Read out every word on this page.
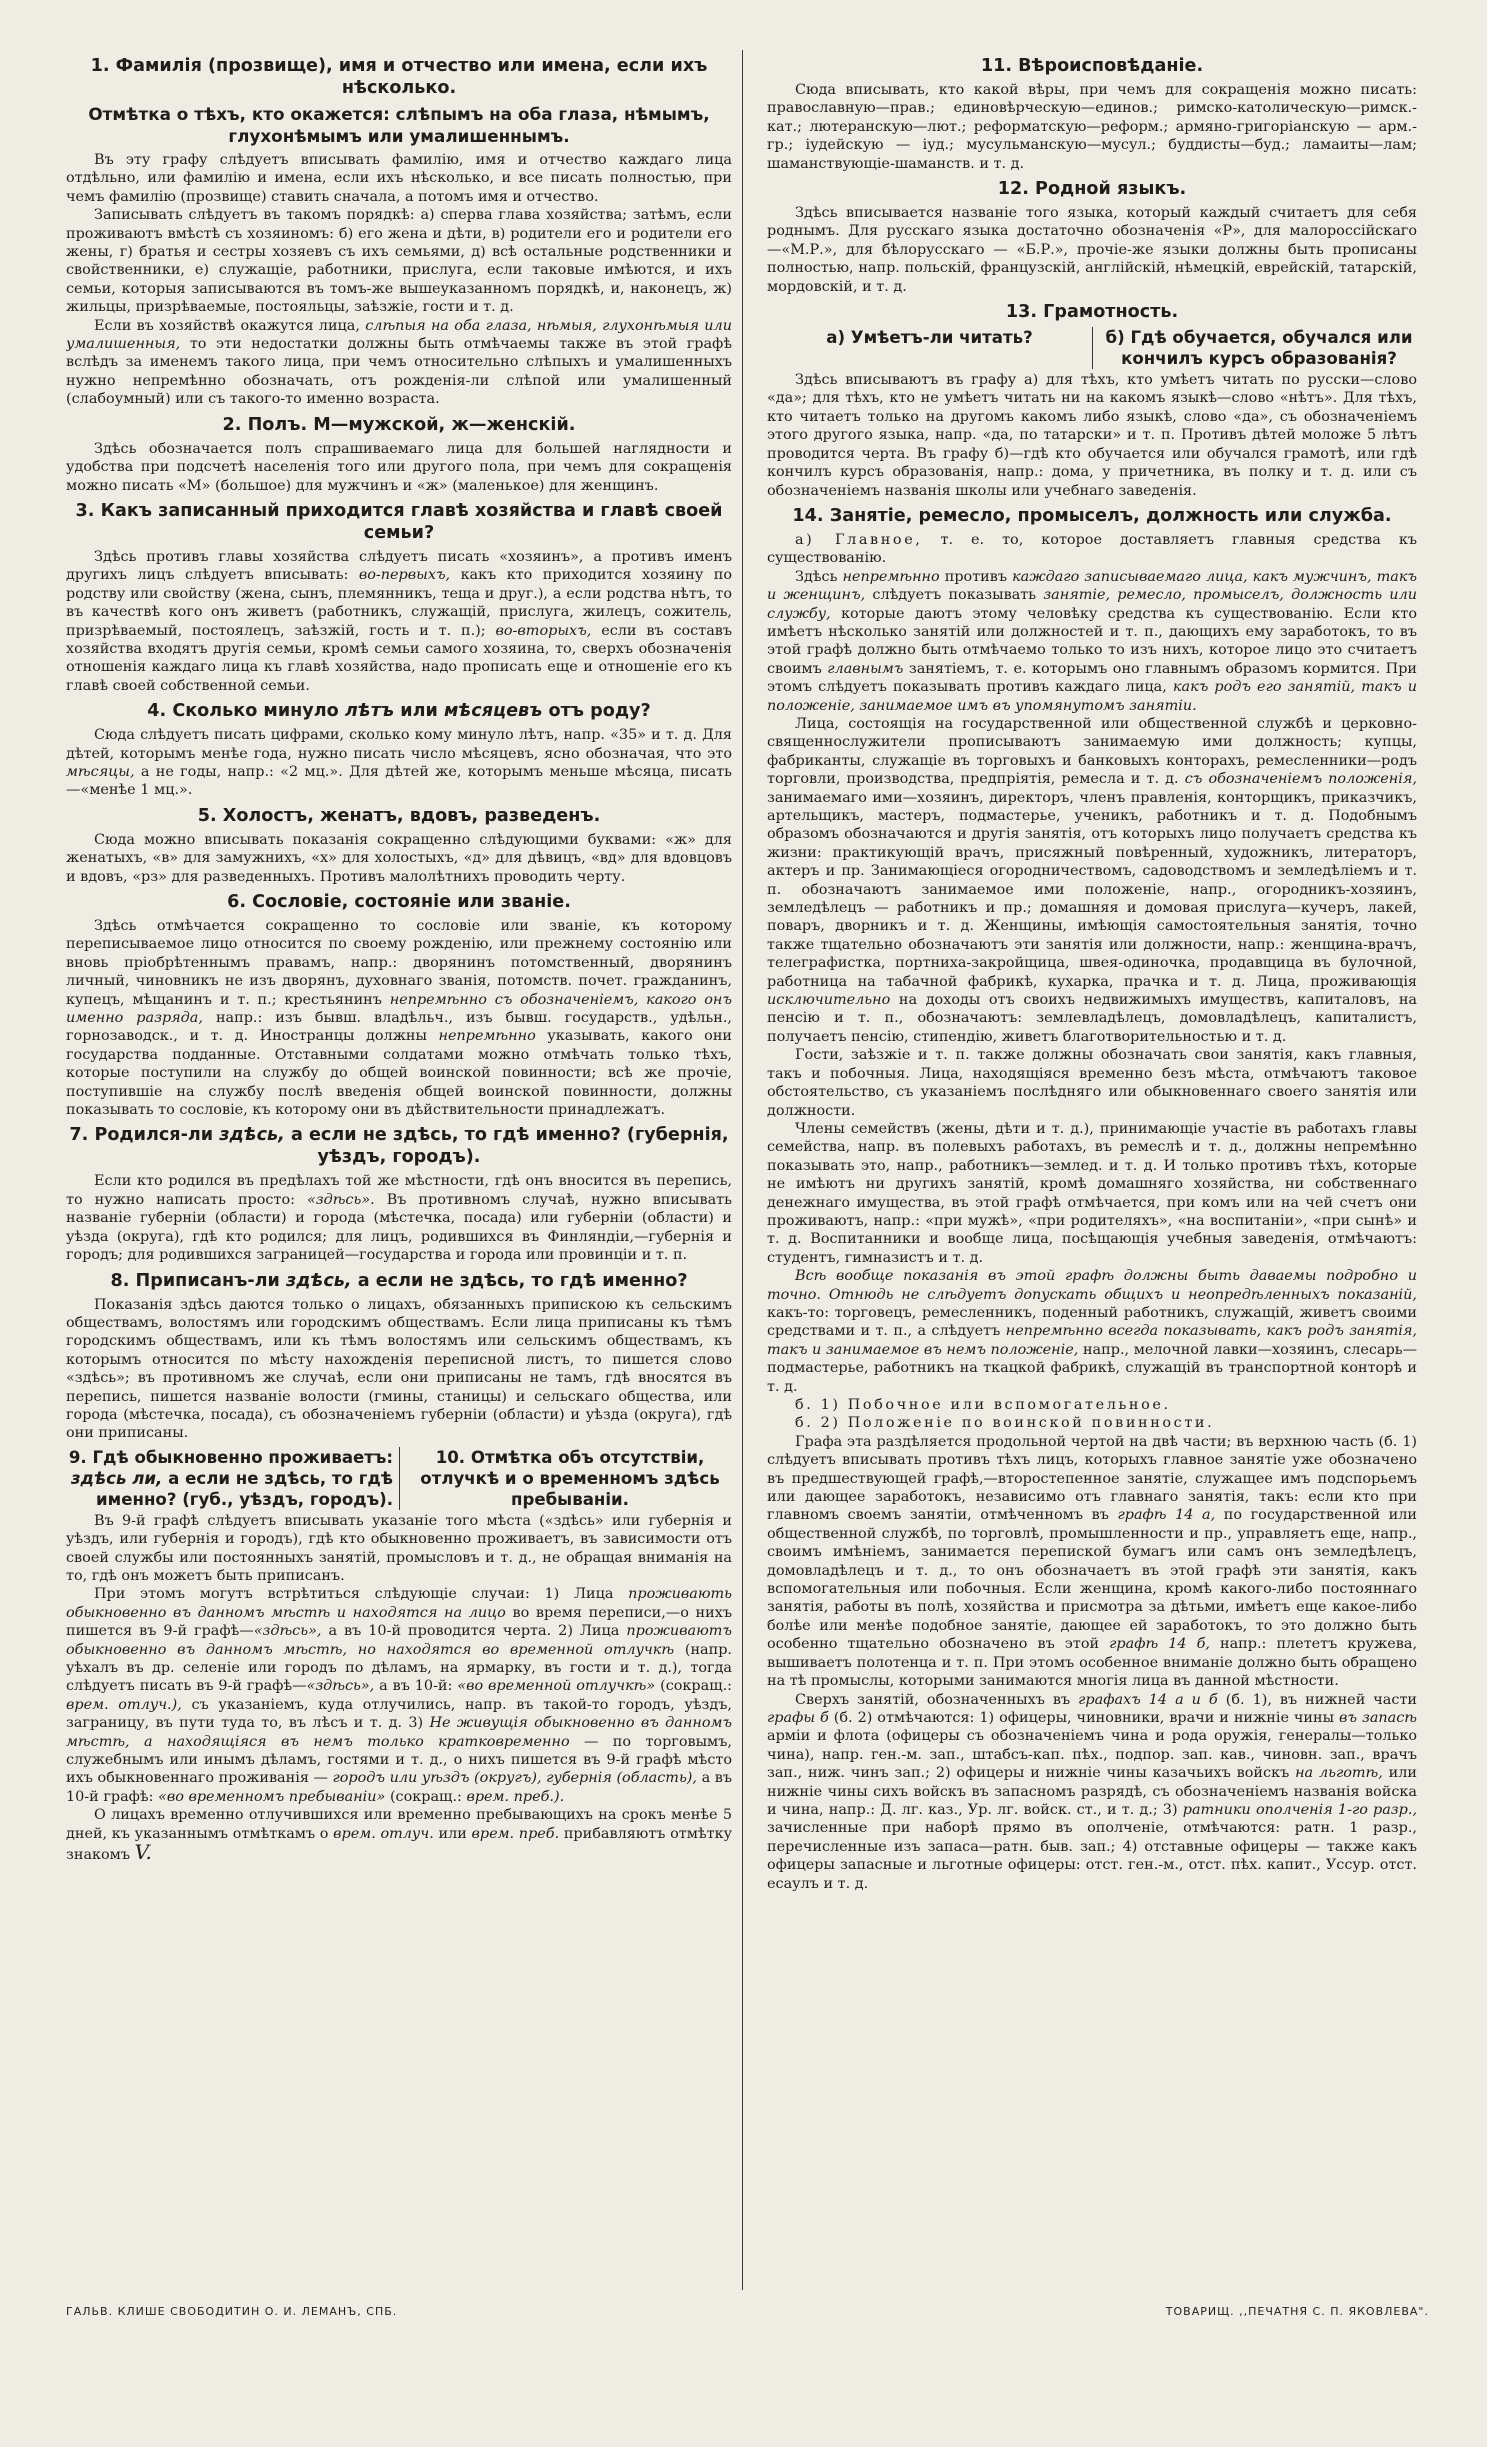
1. Фамилія (прозвище), имя и отчество или имена, если ихъ нѣсколько.
Отмѣтка о тѣхъ, кто окажется: слѣпымъ на оба глаза, нѣмымъ, глухонѣмымъ или умалишеннымъ.

Въ эту графу слѣдуетъ вписывать фамилію, имя и отчество каждаго лица отдѣльно, или фамилію и имена, если ихъ нѣсколько, и все писать полностью, при чемъ фамилію (прозвище) ставить сначала, а потомъ имя и отчество.

Записывать слѣдуетъ въ такомъ порядкѣ: а) сперва глава хозяйства; затѣмъ, если проживаютъ вмѣстѣ съ хозяиномъ: б) его жена и дѣти, в) родители его и родители его жены, г) братья и сестры хозяевъ съ ихъ семьями, д) всѣ остальные родственники и свойственники, е) служащіе, работники, прислуга, если таковые имѣются, и ихъ семьи, которыя записываются въ томъ-же вышеуказанномъ порядкѣ, и, наконецъ, ж) жильцы, призрѣваемые, постояльцы, заѣзжіе, гости и т. д.

Если въ хозяйствѣ окажутся лица, слѣпыя на оба глаза, нѣмыя, глухонѣмыя или умалишенныя, то эти недостатки должны быть отмѣчаемы также въ этой графѣ вслѣдъ за именемъ такого лица, при чемъ относительно слѣпыхъ и умалишенныхъ нужно непремѣнно обозначать, отъ рожденія-ли слѣпой или умалишенный (слабоумный) или съ такого-то именно возраста.

2. Полъ. М—мужской, ж—женскій.

Здѣсь обозначается полъ спрашиваемаго лица для большей наглядности и удобства при подсчетѣ населенія того или другого пола, при чемъ для сокращенія можно писать «М» (большое) для мужчинъ и «ж» (маленькое) для женщинъ.

3. Какъ записанный приходится главѣ хозяйства и главѣ своей семьи?

Здѣсь противъ главы хозяйства слѣдуетъ писать «хозяинъ», а противъ именъ другихъ лицъ слѣдуетъ вписывать: во-первыхъ, какъ кто приходится хозяину по родству или свойству (жена, сынъ, племянникъ, теща и друг.), а если родства нѣтъ, то въ качествѣ кого онъ живетъ (работникъ, служащій, прислуга, жилецъ, сожитель, призрѣваемый, постоялецъ, заѣзжій, гость и т. п.); во-вторыхъ, если въ составъ хозяйства входятъ другія семьи, кромѣ семьи самого хозяина, то, сверхъ обозначенія отношенія каждаго лица къ главѣ хозяйства, надо прописать еще и отношеніе его къ главѣ своей собственной семьи.

4. Сколько минуло лѣтъ или мѣсяцевъ отъ роду?

Сюда слѣдуетъ писать цифрами, сколько кому минуло лѣтъ, напр. «35» и т. д. Для дѣтей, которымъ менѣе года, нужно писать число мѣсяцевъ, ясно обозначая, что это мѣсяцы, а не годы, напр.: «2 мц.». Для дѣтей же, которымъ меньше мѣсяца, писать—«менѣе 1 мц.».

5. Холостъ, женатъ, вдовъ, разведенъ.

Сюда можно вписывать показанія сокращенно слѣдующими буквами: «ж» для женатыхъ, «в» для замужнихъ, «х» для холостыхъ, «д» для дѣвицъ, «вд» для вдовцовъ и вдовъ, «рз» для разведенныхъ. Противъ малолѣтнихъ проводить черту.

6. Сословіе, состояніе или званіе.

Здѣсь отмѣчается сокращенно то сословіе или званіе, къ которому переписываемое лицо относится по своему рожденію, или прежнему состоянію или вновь пріобрѣтеннымъ правамъ, напр.: дворянинъ потомственный, дворянинъ личный, чиновникъ не изъ дворянъ, духовнаго званія, потомств. почет. гражданинъ, купецъ, мѣщанинъ и т. п.; крестьянинъ непремѣнно съ обозначеніемъ, какого онъ именно разряда, напр.: изъ бывш. владѣльч., изъ бывш. государств., удѣльн., горнозаводск., и т. д. Иностранцы должны непремѣнно указывать, какого они государства подданные. Отставными солдатами можно отмѣчать только тѣхъ, которые поступили на службу до общей воинской повинности; всѣ же прочіе, поступившіе на службу послѣ введенія общей воинской повинности, должны показывать то сословіе, къ которому они въ дѣйствительности принадлежатъ.

7. Родился-ли здѣсь, а если не здѣсь, то гдѣ именно? (губернія, уѣздъ, городъ).

Если кто родился въ предѣлахъ той же мѣстности, гдѣ онъ вносится въ перепись, то нужно написать просто: «здѣсь». Въ противномъ случаѣ, нужно вписывать названіе губерніи (области) и города (мѣстечка, посада) или губерніи (области) и уѣзда (округа), гдѣ кто родился; для лицъ, родившихся въ Финляндіи,—губернія и городъ; для родившихся заграницей—государства и города или провинціи и т. п.

8. Приписанъ-ли здѣсь, а если не здѣсь, то гдѣ именно?

Показанія здѣсь даются только о лицахъ, обязанныхъ припискою къ сельскимъ обществамъ, волостямъ или городскимъ обществамъ. Если лица приписаны къ тѣмъ городскимъ обществамъ, или къ тѣмъ волостямъ или сельскимъ обществамъ, къ которымъ относится по мѣсту нахожденія переписной листъ, то пишется слово «здѣсь»; въ противномъ же случаѣ, если они приписаны не тамъ, гдѣ вносятся въ перепись, пишется названіе волости (гмины, станицы) и сельскаго общества, или города (мѣстечка, посада), съ обозначеніемъ губерніи (области) и уѣзда (округа), гдѣ они приписаны.

9. Гдѣ обыкновенно проживаетъ: здѣсь ли, а если не здѣсь, то гдѣ именно? (губ., уѣздъ, городъ).
10. Отмѣтка объ отсутствіи, отлучкѣ и о временномъ здѣсь пребываніи.

Въ 9-й графѣ слѣдуетъ вписывать указаніе того мѣста («здѣсь» или губернія и уѣздъ, или губернія и городъ), гдѣ кто обыкновенно проживаетъ, въ зависимости отъ своей службы или постоянныхъ занятій, промысловъ и т. д., не обращая вниманія на то, гдѣ онъ можетъ быть приписанъ.

При этомъ могутъ встрѣтиться слѣдующіе случаи: 1) Лица проживають обыкновенно въ данномъ мѣстѣ и находятся на лицо во время переписи,—о нихъ пишется въ 9-й графѣ—«здѣсь», а въ 10-й проводится черта. 2) Лица проживаютъ обыкновенно въ данномъ мѣстѣ, но находятся во временной отлучкѣ (напр. уѣхалъ въ др. селеніе или городъ по дѣламъ, на ярмарку, въ гости и т. д.), тогда слѣдуетъ писать въ 9-й графѣ—«здѣсь», а въ 10-й: «во временной отлучкѣ» (сокращ.: врем. отлуч.), съ указаніемъ, куда отлучились, напр. въ такой-то городъ, уѣздъ, заграницу, въ пути туда то, въ лѣсъ и т. д. 3) Не живущія обыкновенно въ данномъ мѣстѣ, а находящіяся въ немъ только кратковременно — по торговымъ, служебнымъ или инымъ дѣламъ, гостями и т. д., о нихъ пишется въ 9-й графѣ мѣсто ихъ обыкновеннаго проживанія — городъ или уѣздъ (округъ), губернія (область), а въ 10-й графѣ: «во временномъ пребываніи» (сокращ.: врем. преб.).

О лицахъ временно отлучившихся или временно пребывающихъ на срокъ менѣе 5 дней, къ указаннымъ отмѣткамъ о врем. отлуч. или врем. преб. прибавляютъ отмѣтку знакомъ V.

11. Вѣроисповѣданіе.

Сюда вписывать, кто какой вѣры, при чемъ для сокращенія можно писать: православную—прав.; единовѣрческую—единов.; римско-католическую—римск.-кат.; лютеранскую—лют.; реформатскую—реформ.; армяно-григоріанскую — арм.-гр.; іудейскую — іуд.; мусульманскую—мусул.; буддисты—буд.; ламаиты—лам; шаманствующіе-шаманств. и т. д.

12. Родной языкъ.

Здѣсь вписывается названіе того языка, который каждый считаетъ для себя роднымъ. Для русскаго языка достаточно обозначенія «Р», для малороссійскаго—«М.Р.», для бѣлорусскаго — «Б.Р.», прочіе-же языки должны быть прописаны полностью, напр. польскій, французскій, англійскій, нѣмецкій, еврейскій, татарскій, мордовскій, и т. д.

13. Грамотность.
а) Умѣетъ-ли читать?	б) Гдѣ обучается, обучался или кончилъ курсъ образованія?

Здѣсь вписываютъ въ графу а) для тѣхъ, кто умѣетъ читать по русски—слово «да»; для тѣхъ, кто не умѣетъ читать ни на какомъ языкѣ—слово «нѣтъ». Для тѣхъ, кто читаетъ только на другомъ какомъ либо языкѣ, слово «да», съ обозначеніемъ этого другого языка, напр. «да, по татарски» и т. п. Противъ дѣтей моложе 5 лѣтъ проводится черта. Въ графу б)—гдѣ кто обучается или обучался грамотѣ, или гдѣ кончилъ курсъ образованія, напр.: дома, у причетника, въ полку и т. д. или съ обозначеніемъ названія школы или учебнаго заведенія.

14. Занятіе, ремесло, промыселъ, должность или служба.

а) Главное, т. е. то, которое доставляетъ главныя средства къ существованію.

Здѣсь непремѣнно противъ каждаго записываемаго лица, какъ мужчинъ, такъ и женщинъ, слѣдуетъ показывать занятіе, ремесло, промыселъ, должность или службу, которые даютъ этому человѣку средства къ существованію. Если кто имѣетъ нѣсколько занятій или должностей и т. п., дающихъ ему заработокъ, то въ этой графѣ должно быть отмѣчаемо только то изъ нихъ, которое лицо это считаетъ своимъ главнымъ занятіемъ, т. е. которымъ оно главнымъ образомъ кормится. При этомъ слѣдуетъ показывать противъ каждаго лица, какъ родъ его занятій, такъ и положеніе, занимаемое имъ въ упомянутомъ занятіи.

Лица, состоящія на государственной или общественной службѣ и церковно-священнослужители прописываютъ занимаемую ими должность; купцы, фабриканты, служащіе въ торговыхъ и банковыхъ конторахъ, ремесленники—родъ торговли, производства, предпріятія, ремесла и т. д. съ обозначеніемъ положенія, занимаемаго ими—хозяинъ, директоръ, членъ правленія, конторщикъ, приказчикъ, артельщикъ, мастеръ, подмастерье, ученикъ, работникъ и т. д. Подобнымъ образомъ обозначаются и другія занятія, отъ которыхъ лицо получаетъ средства къ жизни: практикующій врачъ, присяжный повѣренный, художникъ, литераторъ, актеръ и пр. Занимающіеся огородничествомъ, садоводствомъ и земледѣліемъ и т. п. обозначаютъ занимаемое ими положеніе, напр., огородникъ-хозяинъ, земледѣлецъ — работникъ и пр.; домашняя и домовая прислуга—кучеръ, лакей, поваръ, дворникъ и т. д. Женщины, имѣющія самостоятельныя занятія, точно также тщательно обозначаютъ эти занятія или должности, напр.: женщина-врачъ, телеграфистка, портниха-закройщица, швея-одиночка, продавщица въ булочной, работница на табачной фабрикѣ, кухарка, прачка и т. д. Лица, проживающія исключительно на доходы отъ своихъ недвижимыхъ имуществъ, капиталовъ, на пенсію и т. п., обозначаютъ: землевладѣлецъ, домовладѣлецъ, капиталистъ, получаетъ пенсію, стипендію, живетъ благотворительностью и т. д.

Гости, заѣзжіе и т. п. также должны обозначать свои занятія, какъ главныя, такъ и побочныя. Лица, находящіяся временно безъ мѣста, отмѣчаютъ таковое обстоятельство, съ указаніемъ послѣдняго или обыкновеннаго своего занятія или должности.

Члены семействъ (жены, дѣти и т. д.), принимающіе участіе въ работахъ главы семейства, напр. въ полевыхъ работахъ, въ ремеслѣ и т. д., должны непремѣнно показывать это, напр., работникъ—землед. и т. д. И только противъ тѣхъ, которые не имѣютъ ни другихъ занятій, кромѣ домашняго хозяйства, ни собственнаго денежнаго имущества, въ этой графѣ отмѣчается, при комъ или на чей счетъ они проживаютъ, напр.: «при мужѣ», «при родителяхъ», «на воспитаніи», «при сынѣ» и т. д. Воспитанники и вообще лица, посѣщающія учебныя заведенія, отмѣчаютъ: студентъ, гимназистъ и т. д.

Всѣ вообще показанія въ этой графѣ должны быть даваемы подробно и точно. Отнюдь не слѣдуетъ допускать общихъ и неопредѣленныхъ показаній, какъ-то: торговецъ, ремесленникъ, поденный работникъ, служащій, живетъ своими средствами и т. п., а слѣдуетъ непремѣнно всегда показывать, какъ родъ занятія, такъ и занимаемое въ немъ положеніе, напр., мелочной лавки—хозяинъ, слесарь—подмастерье, работникъ на ткацкой фабрикѣ, служащій въ транспортной конторѣ и т. д.

б. 1) Побочное или вспомогательное.

б. 2) Положеніе по воинской повинности.

Графа эта раздѣляется продольной чертой на двѣ части; въ верхнюю часть (б. 1) слѣдуетъ вписывать противъ тѣхъ лицъ, которыхъ главное занятіе уже обозначено въ предшествующей графѣ,—второстепенное занятіе, служащее имъ подспорьемъ или дающее заработокъ, независимо отъ главнаго занятія, такъ: если кто при главномъ своемъ занятіи, отмѣченномъ въ графѣ 14 а, по государственной или общественной службѣ, по торговлѣ, промышленности и пр., управляетъ еще, напр., своимъ имѣніемъ, занимается перепиской бумагъ или самъ онъ земледѣлецъ, домовладѣлецъ и т. д., то онъ обозначаетъ въ этой графѣ эти занятія, какъ вспомогательныя или побочныя. Если женщина, кромѣ какого-либо постояннаго занятія, работы въ полѣ, хозяйства и присмотра за дѣтьми, имѣетъ еще какое-либо болѣе или менѣе подобное занятіе, дающее ей заработокъ, то это должно быть особенно тщательно обозначено въ этой графѣ 14 б, напр.: плететъ кружева, вышиваетъ полотенца и т. п. При этомъ особенное вниманіе должно быть обращено на тѣ промыслы, которыми занимаются многія лица въ данной мѣстности.

Сверхъ занятій, обозначенныхъ въ графахъ 14 а и б (б. 1), въ нижней части графы б (б. 2) отмѣчаются: 1) офицеры, чиновники, врачи и нижніе чины въ запасѣ арміи и флота (офицеры съ обозначеніемъ чина и рода оружія, генералы—только чина), напр. ген.-м. зап., штабсъ-кап. пѣх., подпор. зап. кав., чиновн. зап., врачъ зап., ниж. чинъ зап.; 2) офицеры и нижніе чины казачьихъ войскъ на льготѣ, или нижніе чины сихъ войскъ въ запасномъ разрядѣ, съ обозначеніемъ названія войска и чина, напр.: Д. лг. каз., Ур. лг. войск. ст., и т. д.; 3) ратники ополченія 1-го разр., зачисленные при наборѣ прямо въ ополченіе, отмѣчаются: ратн. 1 разр., перечисленные изъ запаса—ратн. быв. зап.; 4) отставные офицеры — также какъ офицеры запасные и льготные офицеры: отст. ген.-м., отст. пѣх. капит., Уссур. отст. есаулъ и т. д.

ГАЛЬВ. КЛИШЕ СВОБОДИТИН О. И. ЛЕМАНЪ, СПБ.	ТОВАРИЩ. ,,ПЕЧАТНЯ С. П. ЯКОВЛЕВА".
